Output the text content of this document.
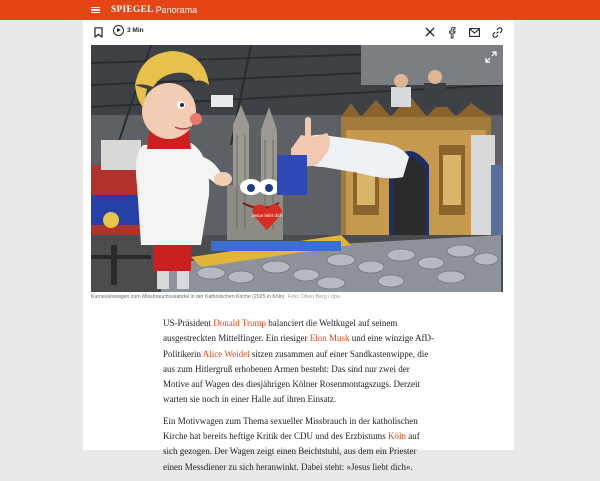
SPIEGEL Panorama
3 Min
Jesus liebt dich
Karnevalswagen zum Missbrauchsskandal in der Katholischen Kirche (2025 in Köln) Foto: Oliver Berg / dpa

US-Präsident Donald Trump balanciert die Weltkugel auf seinem ausgestreckten Mittelfinger. Ein riesiger Elon Musk und eine winzige AfD-Politikerin Alice Weidel sitzen zusammen auf einer Sandkastenwippe, die aus zum Hitlergruß erhobenen Armen besteht: Das sind nur zwei der Motive auf Wagen des diesjährigen Kölner Rosenmontagszugs. Derzeit warten sie noch in einer Halle auf ihren Einsatz.

Ein Motivwagen zum Thema sexueller Missbrauch in der katholischen Kirche hat bereits heftige Kritik der CDU und des Erzbistums Köln auf sich gezogen. Der Wagen zeigt einen Beichtstuhl, aus dem ein Priester einen Messdiener zu sich heranwinkt. Dabei steht: »Jesus liebt dich«.
